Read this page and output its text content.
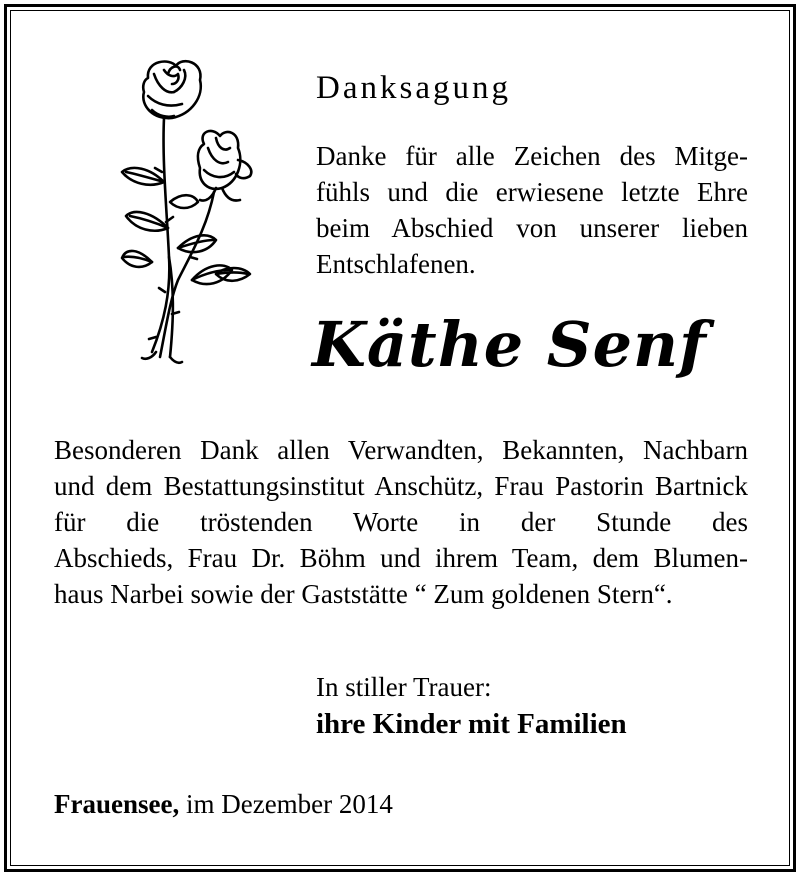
Danksagung
Danke für alle Zeichen des Mitge-
fühls und die erwiesene letzte Ehre
beim Abschied von unserer lieben
Entschlafenen.
Käthe Senf
Besonderen Dank allen Verwandten, Bekannten, Nachbarn
und dem Bestattungsinstitut Anschütz, Frau Pastorin Bartnick
für die tröstenden Worte in der Stunde des
Abschieds, Frau Dr. Böhm und ihrem Team, dem Blumen-
haus Narbei sowie der Gaststätte “ Zum goldenen Stern“.
In stiller Trauer:
ihre Kinder mit Familien
Frauensee, im Dezember 2014
